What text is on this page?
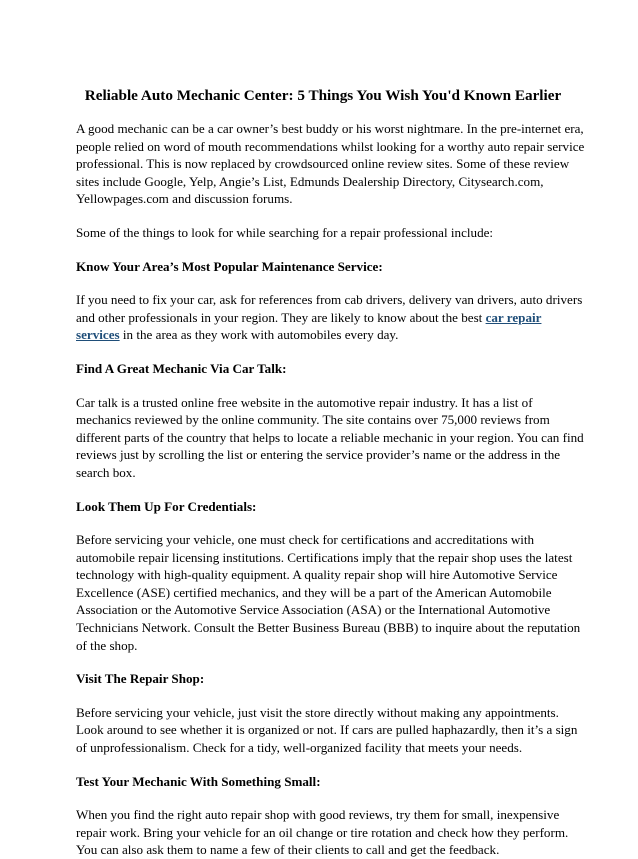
Reliable Auto Mechanic Center: 5 Things You Wish You'd Known Earlier
A good mechanic can be a car owner’s best buddy or his worst nightmare. In the pre-internet era,
people relied on word of mouth recommendations whilst looking for a worthy auto repair service
professional. This is now replaced by crowdsourced online review sites. Some of these review
sites include Google, Yelp, Angie’s List, Edmunds Dealership Directory, Citysearch.com,
Yellowpages.com and discussion forums.
Some of the things to look for while searching for a repair professional include:
Know Your Area’s Most Popular Maintenance Service:
If you need to fix your car, ask for references from cab drivers, delivery van drivers, auto drivers
and other professionals in your region. They are likely to know about the best car repair
services in the area as they work with automobiles every day.
Find A Great Mechanic Via Car Talk:
Car talk is a trusted online free website in the automotive repair industry. It has a list of
mechanics reviewed by the online community. The site contains over 75,000 reviews from
different parts of the country that helps to locate a reliable mechanic in your region. You can find
reviews just by scrolling the list or entering the service provider’s name or the address in the
search box.
Look Them Up For Credentials:
Before servicing your vehicle, one must check for certifications and accreditations with
automobile repair licensing institutions. Certifications imply that the repair shop uses the latest
technology with high-quality equipment. A quality repair shop will hire Automotive Service
Excellence (ASE) certified mechanics, and they will be a part of the American Automobile
Association or the Automotive Service Association (ASA) or the International Automotive
Technicians Network. Consult the Better Business Bureau (BBB) to inquire about the reputation
of the shop.
Visit The Repair Shop:
Before servicing your vehicle, just visit the store directly without making any appointments.
Look around to see whether it is organized or not. If cars are pulled haphazardly, then it’s a sign
of unprofessionalism. Check for a tidy, well-organized facility that meets your needs.
Test Your Mechanic With Something Small:
When you find the right auto repair shop with good reviews, try them for small, inexpensive
repair work. Bring your vehicle for an oil change or tire rotation and check how they perform.
You can also ask them to name a few of their clients to call and get the feedback.
